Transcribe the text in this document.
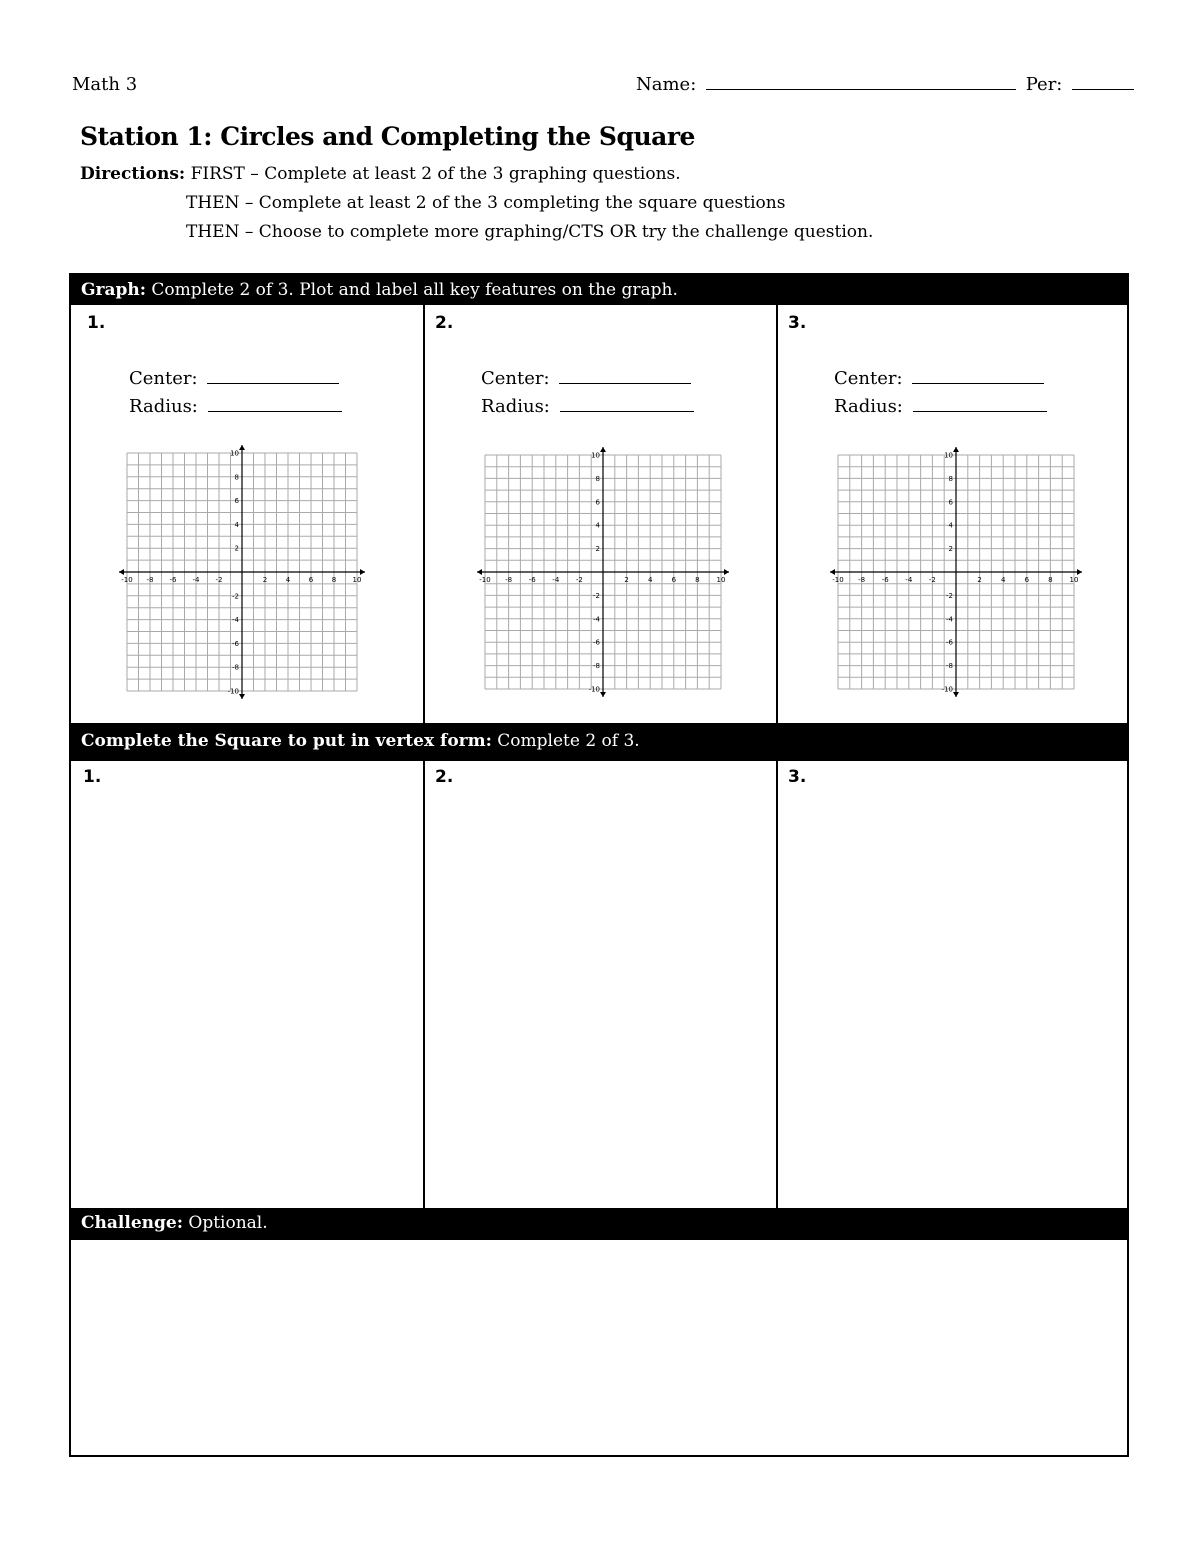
Math 3	Name:	Per:
Station 1: Circles and Completing the Square
Directions: FIRST – Complete at least 2 of the 3 graphing questions.
THEN – Complete at least 2 of the 3 completing the square questions
THEN – Choose to complete more graphing/CTS OR try the challenge question.
Graph: Complete 2 of 3. Plot and label all key features on the graph.
1.
Center:
Radius:
-10 -8 -6 -4 -2	2	4	6	8 10
10
8
6
4
2
-2
-4
-6
-8
-10
2.
Center:
Radius:
-10 -8 -6 -4 -2	2	4	6	8 10
10
8
6
4
2
-2
-4
-6
-8
-10
3.
Center:
Radius:
-10 -8 -6 -4 -2	2	4	6	8 10
10
8
6
4
2
-2
-4
-6
-8
-10
Complete the Square to put in vertex form: Complete 2 of 3.
1.	2.	3.
Challenge: Optional.
